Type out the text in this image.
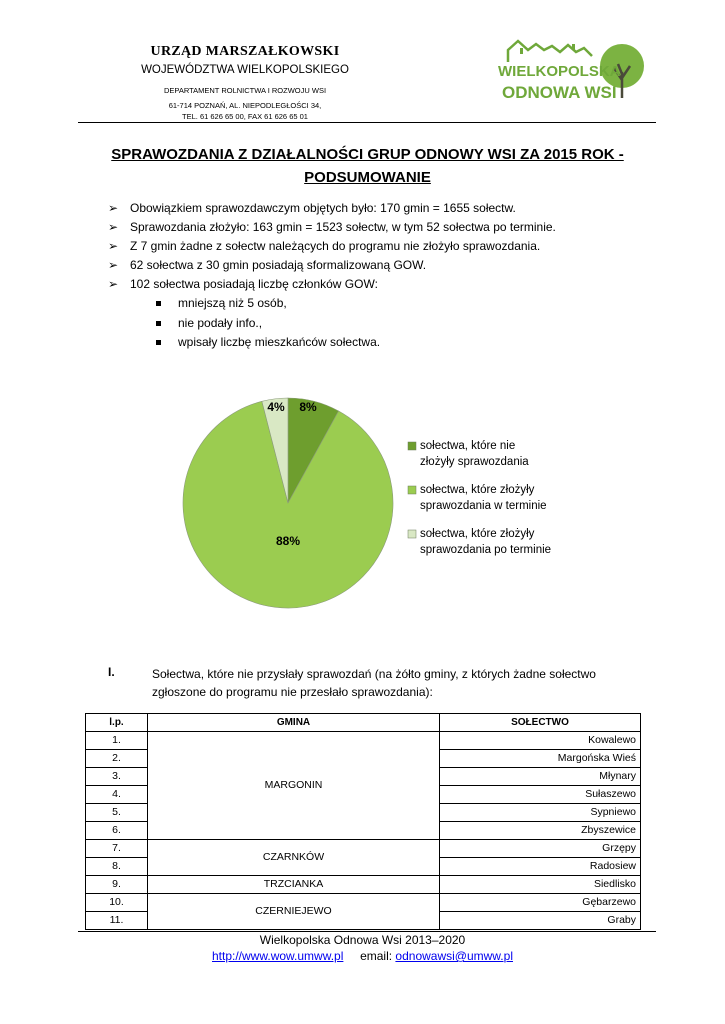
URZĄD MARSZAŁKOWSKI
WOJEWÓDZTWA WIELKOPOLSKIEGO
DEPARTAMENT ROLNICTWA I ROZWOJU WSI
61-714 POZNAŃ, AL. NIEPODLEGŁOŚCI 34,
TEL. 61 626 65 00, FAX 61 626 65 01
WIELKOPOLSKA
ODNOWA WSI
SPRAWOZDANIA Z DZIAŁALNOŚCI GRUP ODNOWY WSI ZA 2015 ROK -
PODSUMOWANIE
➢ Obowiązkiem sprawozdawczym objętych było: 170 gmin = 1655 sołectw.
➢ Sprawozdania złożyło: 163 gmin = 1523 sołectw, w tym 52 sołectwa po terminie.
➢ Z 7 gmin żadne z sołectw należących do programu nie złożyło sprawozdania.
➢ 62 sołectwa z 30 gmin posiadają sformalizowaną GOW.
➢ 102 sołectwa posiadają liczbę członków GOW:
mniejszą niż 5 osób,
nie podały info.,
wpisały liczbę mieszkańców sołectwa.
8%
88%
4%
sołectwa, które nie złożyły sprawozdania
sołectwa, które złożyły sprawozdania w terminie
sołectwa, które złożyły sprawozdania po terminie
I.	Sołectwa, które nie przysłały sprawozdań (na żółto gminy, z których żadne sołectwo zgłoszone do programu nie przesłało sprawozdania):
l.p.	GMINA	SOŁECTWO
1.	MARGONIN	Kowalewo
2.		Margońska Wieś
3.		Młynary
4.		Sułaszewo
5.		Sypniewo
6.		Zbyszewice
7.	CZARNKÓW	Grzępy
8.		Radosiew
9.	TRZCIANKA	Siedlisko
10.	CZERNIEJEWO	Gębarzewo
11.		Graby
Wielkopolska Odnowa Wsi 2013–2020
http://www.wow.umww.pl email: odnowawsi@umww.pl
